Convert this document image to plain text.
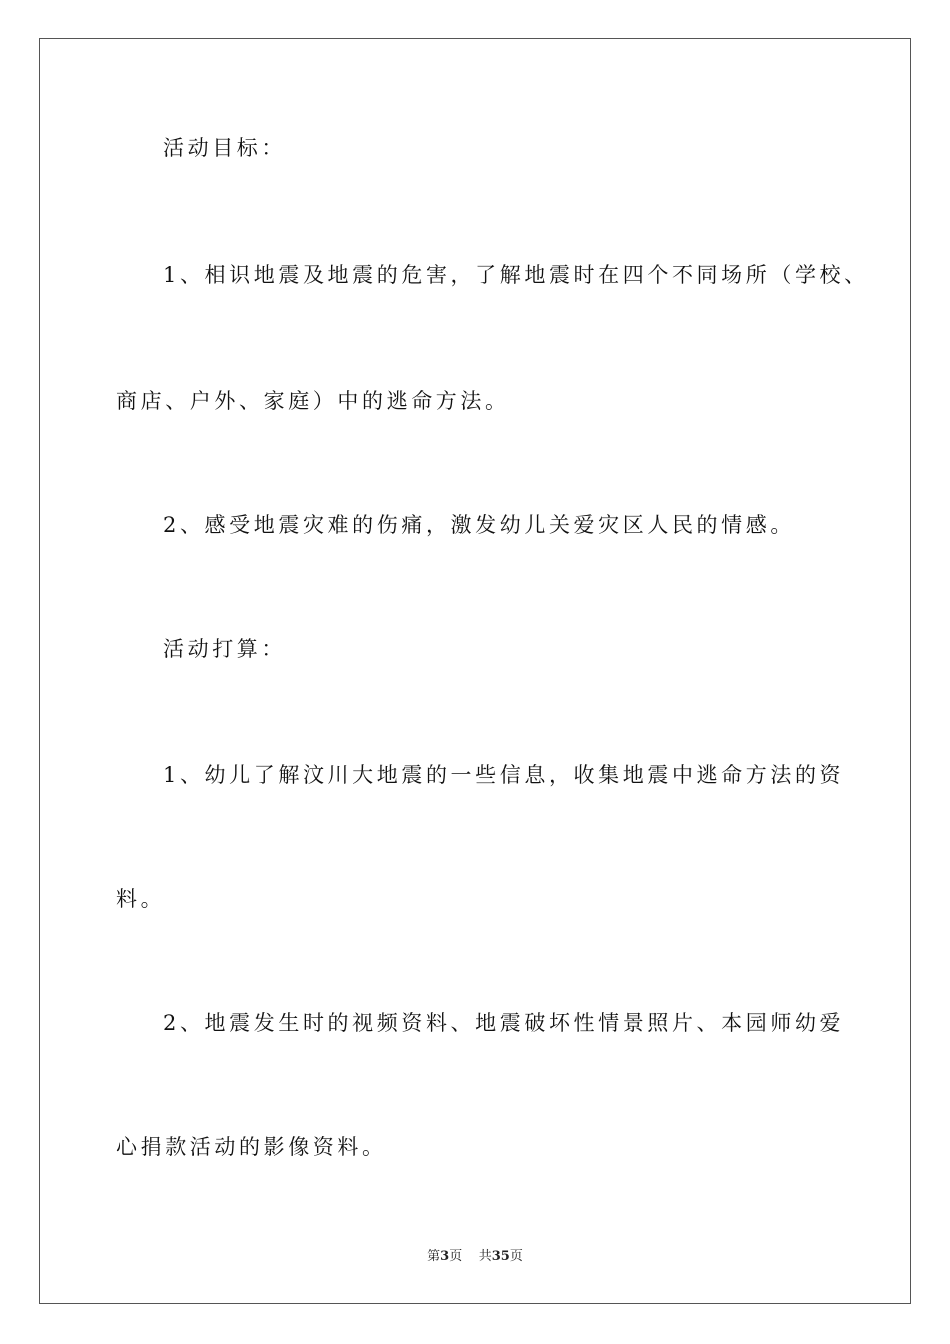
活动目标：
1、相识地震及地震的危害，了解地震时在四个不同场所（学校、
商店、户外、家庭）中的逃命方法。
2、感受地震灾难的伤痛，激发幼儿关爱灾区人民的情感。
活动打算：
1、幼儿了解汶川大地震的一些信息，收集地震中逃命方法的资
料。
2、地震发生时的视频资料、地震破坏性情景照片、本园师幼爱
心捐款活动的影像资料。
第3页 共35页
